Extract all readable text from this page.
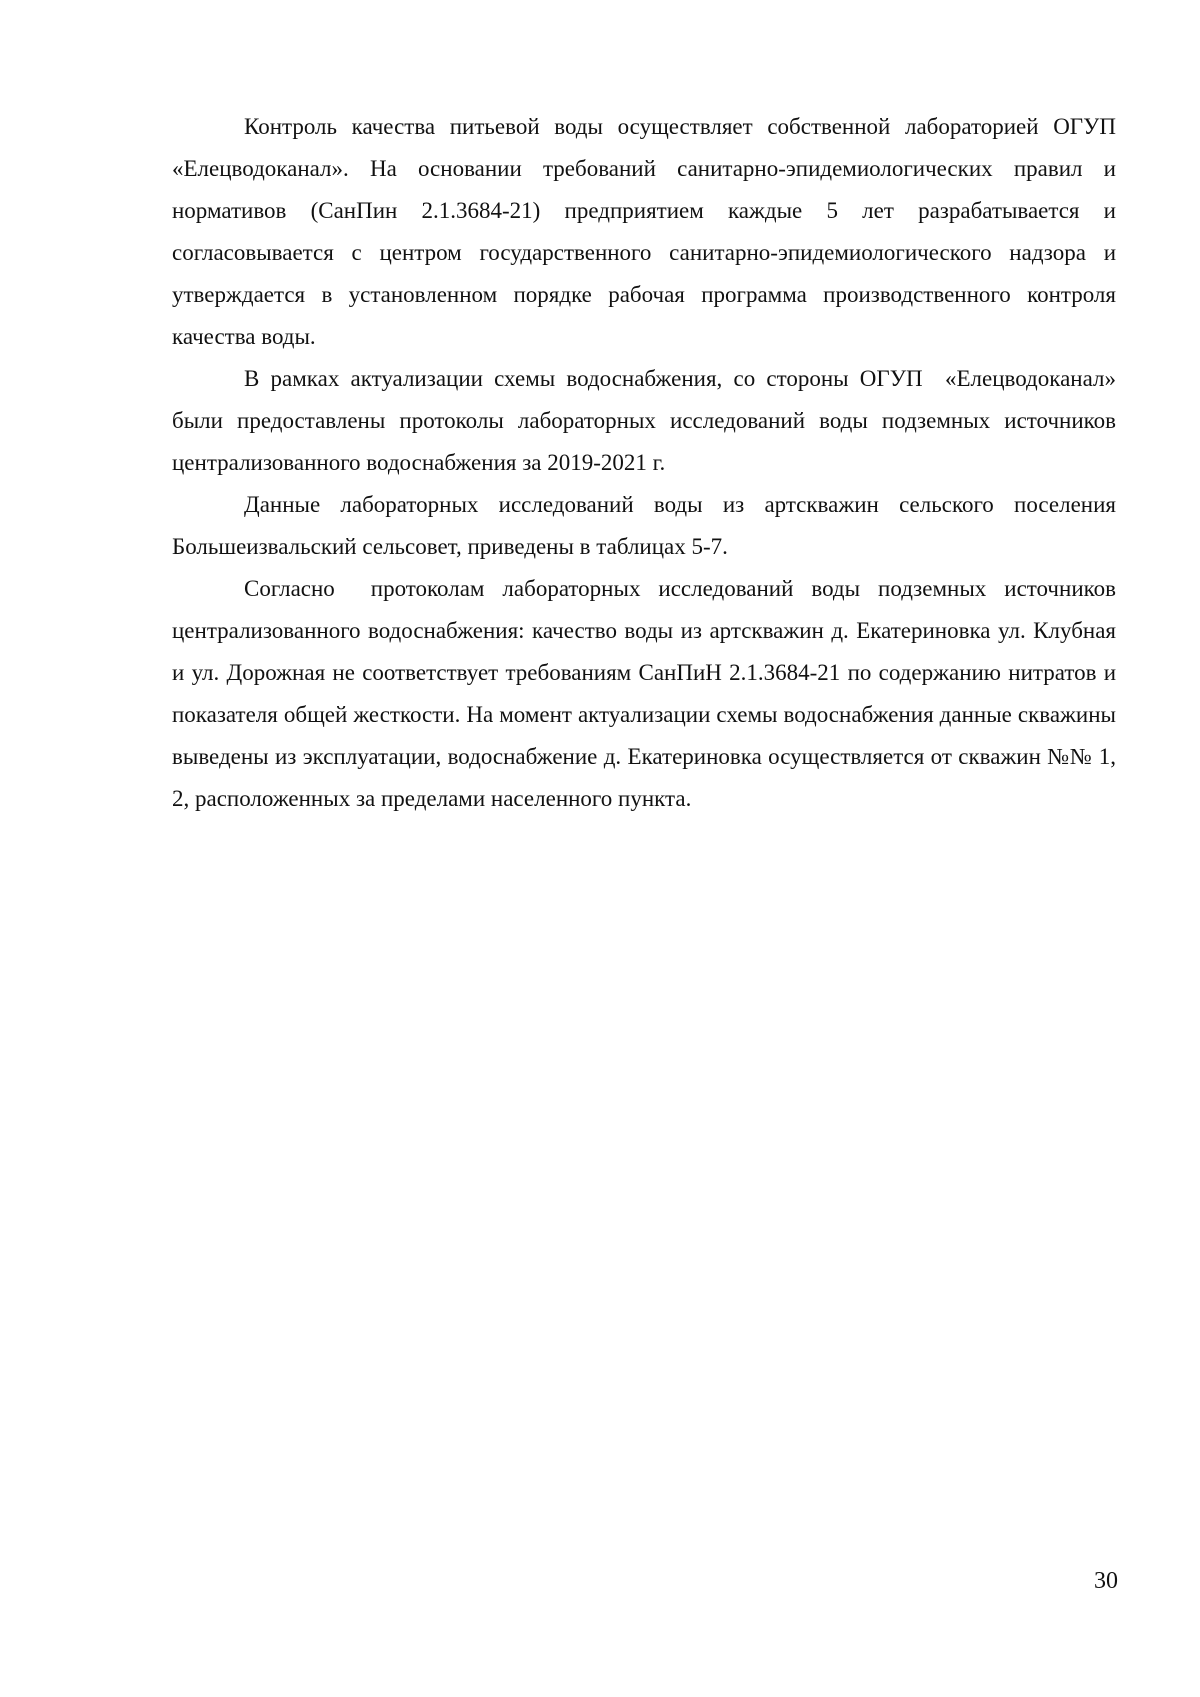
Контроль качества питьевой воды осуществляет собственной лабораторией ОГУП «Елецводоканал». На основании требований санитарно-эпидемиологических правил и нормативов (СанПин 2.1.3684-21) предприятием каждые 5 лет разрабатывается и согласовывается с центром государственного санитарно-эпидемиологического надзора и утверждается в установленном порядке рабочая программа производственного контроля качества воды.

В рамках актуализации схемы водоснабжения, со стороны ОГУП  «Елецводоканал» были предоставлены протоколы лабораторных исследований воды подземных источников централизованного водоснабжения за 2019-2021 г.

Данные лабораторных исследований воды из артскважин сельского поселения Большеизвальский сельсовет, приведены в таблицах 5-7.

Согласно  протоколам лабораторных исследований воды подземных источников централизованного водоснабжения: качество воды из артскважин д. Екатериновка ул. Клубная   и ул. Дорожная не соответствует требованиям СанПиН 2.1.3684-21 по содержанию нитратов и показателя общей жесткости. На момент актуализации схемы водоснабжения данные скважины выведены из эксплуатации, водоснабжение д. Екатериновка осуществляется от скважин №№ 1, 2, расположенных за пределами населенного пункта.

30
